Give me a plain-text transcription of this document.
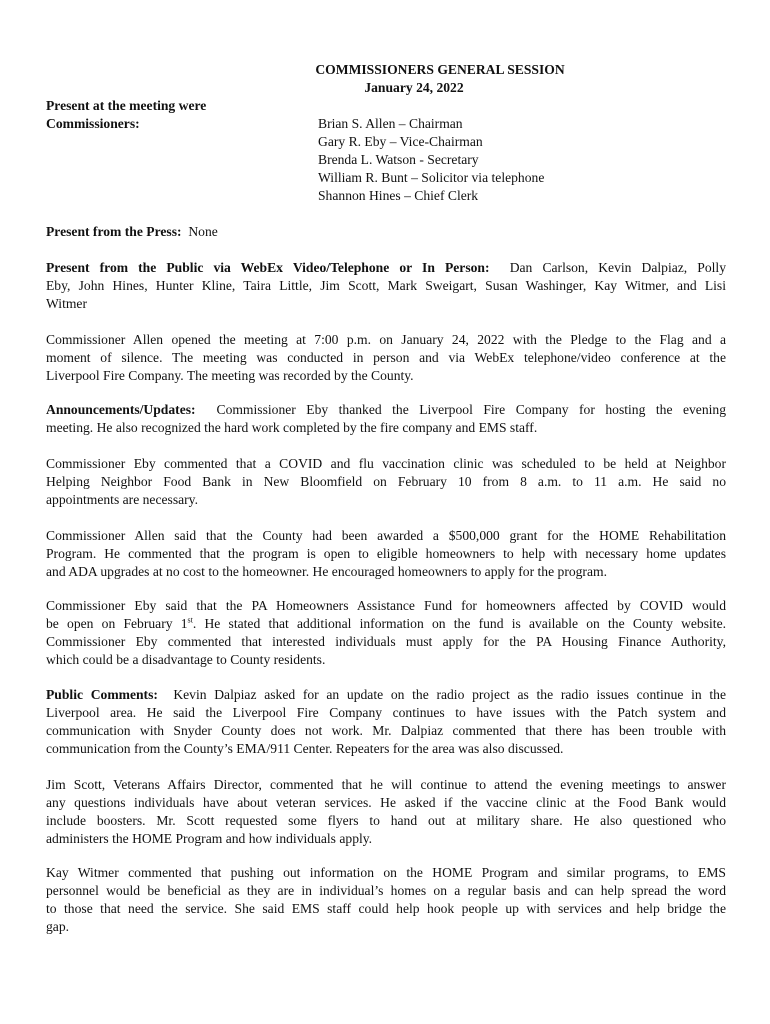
COMMISSIONERS GENERAL SESSION
January 24, 2022
Present at the meeting were
Commissioners:	Brian S. Allen – Chairman
Gary R. Eby – Vice-Chairman
Brenda L. Watson - Secretary
William R. Bunt – Solicitor via telephone
Shannon Hines – Chief Clerk
Present from the Press: None
Present from the Public via WebEx Video/Telephone or In Person: Dan Carlson, Kevin Dalpiaz, Polly
Eby, John Hines, Hunter Kline, Taira Little, Jim Scott, Mark Sweigart, Susan Washinger, Kay Witmer, and Lisi
Witmer
Commissioner Allen opened the meeting at 7:00 p.m. on January 24, 2022 with the Pledge to the Flag and a
moment of silence. The meeting was conducted in person and via WebEx telephone/video conference at the
Liverpool Fire Company. The meeting was recorded by the County.
Announcements/Updates: Commissioner Eby thanked the Liverpool Fire Company for hosting the evening
meeting. He also recognized the hard work completed by the fire company and EMS staff.
Commissioner Eby commented that a COVID and flu vaccination clinic was scheduled to be held at Neighbor
Helping Neighbor Food Bank in New Bloomfield on February 10 from 8 a.m. to 11 a.m. He said no
appointments are necessary.
Commissioner Allen said that the County had been awarded a $500,000 grant for the HOME Rehabilitation
Program. He commented that the program is open to eligible homeowners to help with necessary home updates
and ADA upgrades at no cost to the homeowner. He encouraged homeowners to apply for the program.
Commissioner Eby said that the PA Homeowners Assistance Fund for homeowners affected by COVID would
be open on February 1st. He stated that additional information on the fund is available on the County website.
Commissioner Eby commented that interested individuals must apply for the PA Housing Finance Authority,
which could be a disadvantage to County residents.
Public Comments: Kevin Dalpiaz asked for an update on the radio project as the radio issues continue in the
Liverpool area. He said the Liverpool Fire Company continues to have issues with the Patch system and
communication with Snyder County does not work. Mr. Dalpiaz commented that there has been trouble with
communication from the County’s EMA/911 Center. Repeaters for the area was also discussed.
Jim Scott, Veterans Affairs Director, commented that he will continue to attend the evening meetings to answer
any questions individuals have about veteran services. He asked if the vaccine clinic at the Food Bank would
include boosters. Mr. Scott requested some flyers to hand out at military share. He also questioned who
administers the HOME Program and how individuals apply.
Kay Witmer commented that pushing out information on the HOME Program and similar programs, to EMS
personnel would be beneficial as they are in individual’s homes on a regular basis and can help spread the word
to those that need the service. She said EMS staff could help hook people up with services and help bridge the
gap.
